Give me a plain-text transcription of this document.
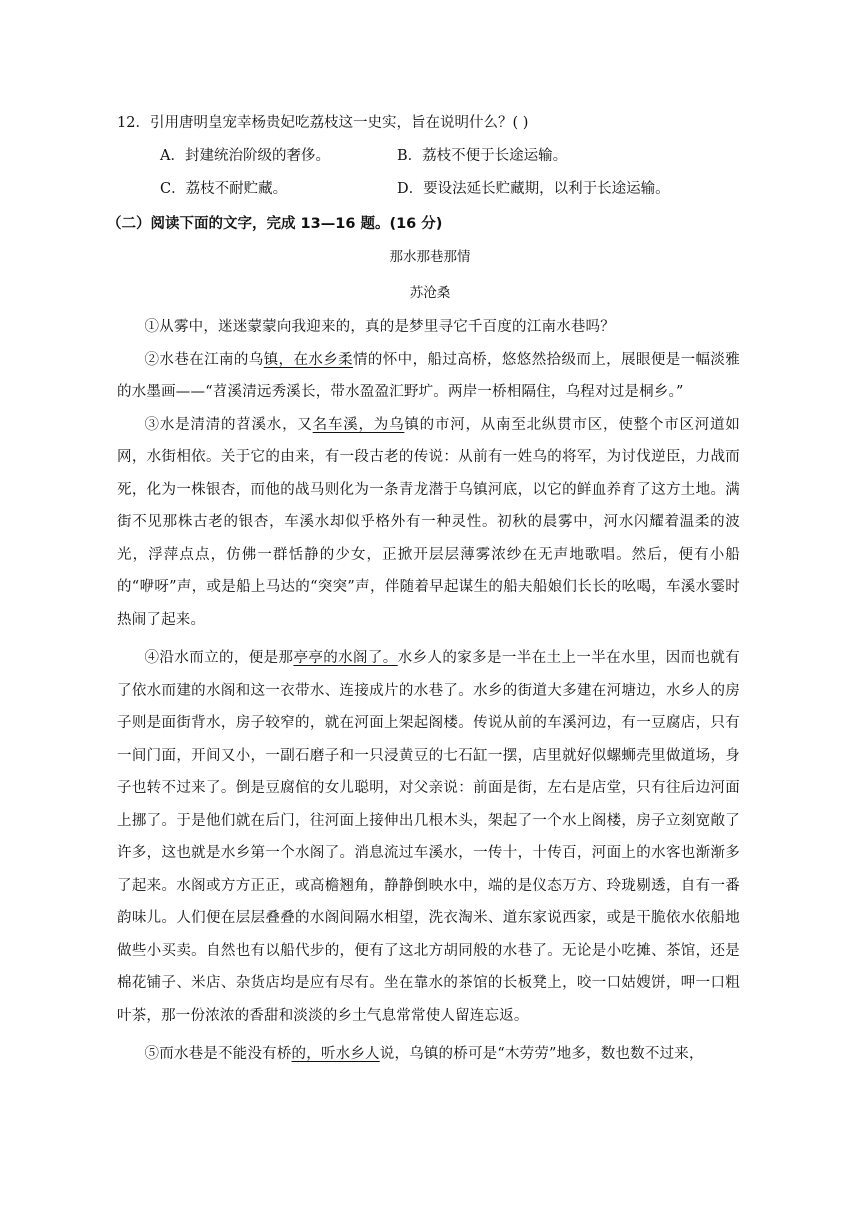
12．引用唐明皇宠幸杨贵妃吃荔枝这一史实，旨在说明什么？( )
A．封建统治阶级的奢侈。	B．荔枝不便于长途运输。
C．荔枝不耐贮藏。	D．要设法延长贮藏期，以利于长途运输。
（二）阅读下面的文字，完成 13—16 题。(16 分)
那水那巷那情
苏沧桑

①从雾中，迷迷蒙蒙向我迎来的，真的是梦里寻它千百度的江南水巷吗？

②水巷在江南的乌镇，在水乡柔情的怀中，船过高桥，悠悠然拾级而上，展眼便是一幅淡雅的水墨画——“苕溪清远秀溪长，带水盈盈汇野圹。两岸一桥相隔住，乌程对过是桐乡。”

③水是清清的苕溪水，又名车溪，为乌镇的市河，从南至北纵贯市区，使整个市区河道如网，水街相依。关于它的由来，有一段古老的传说：从前有一姓乌的将军，为讨伐逆臣，力战而死，化为一株银杏，而他的战马则化为一条青龙潜于乌镇河底，以它的鲜血养育了这方土地。满街不见那株古老的银杏，车溪水却似乎格外有一种灵性。初秋的晨雾中，河水闪耀着温柔的波光，浮萍点点，仿佛一群恬静的少女，正掀开层层薄雾浓纱在无声地歌唱。然后，便有小船的“咿呀”声，或是船上马达的“突突”声，伴随着早起谋生的船夫船娘们长长的吆喝，车溪水霎时热闹了起来。

④沿水而立的，便是那亭亭的水阁了。水乡人的家多是一半在土上一半在水里，因而也就有了依水而建的水阁和这一衣带水、连接成片的水巷了。水乡的街道大多建在河塘边，水乡人的房子则是面街背水，房子较窄的，就在河面上架起阁楼。传说从前的车溪河边，有一豆腐店，只有一间门面，开间又小，一副石磨子和一只浸黄豆的七石缸一摆，店里就好似螺蛳壳里做道场，身子也转不过来了。倒是豆腐倌的女儿聪明，对父亲说：前面是街，左右是店堂，只有往后边河面上挪了。于是他们就在后门，往河面上接伸出几根木头，架起了一个水上阁楼，房子立刻宽敞了许多，这也就是水乡第一个水阁了。消息流过车溪水，一传十，十传百，河面上的水客也渐渐多了起来。水阁或方方正正，或高檐翘角，静静倒映水中，端的是仪态万方、玲珑剔透，自有一番韵味儿。人们便在层层叠叠的水阁间隔水相望，洗衣淘米、道东家说西家，或是干脆依水依船地做些小买卖。自然也有以船代步的，便有了这北方胡同般的水巷了。无论是小吃摊、茶馆，还是棉花铺子、米店、杂货店均是应有尽有。坐在靠水的茶馆的长板凳上，咬一口姑嫂饼，呷一口粗叶茶，那一份浓浓的香甜和淡淡的乡土气息常常使人留连忘返。

⑤而水巷是不能没有桥的，听水乡人说，乌镇的桥可是“木劳劳”地多，数也数不过来，
